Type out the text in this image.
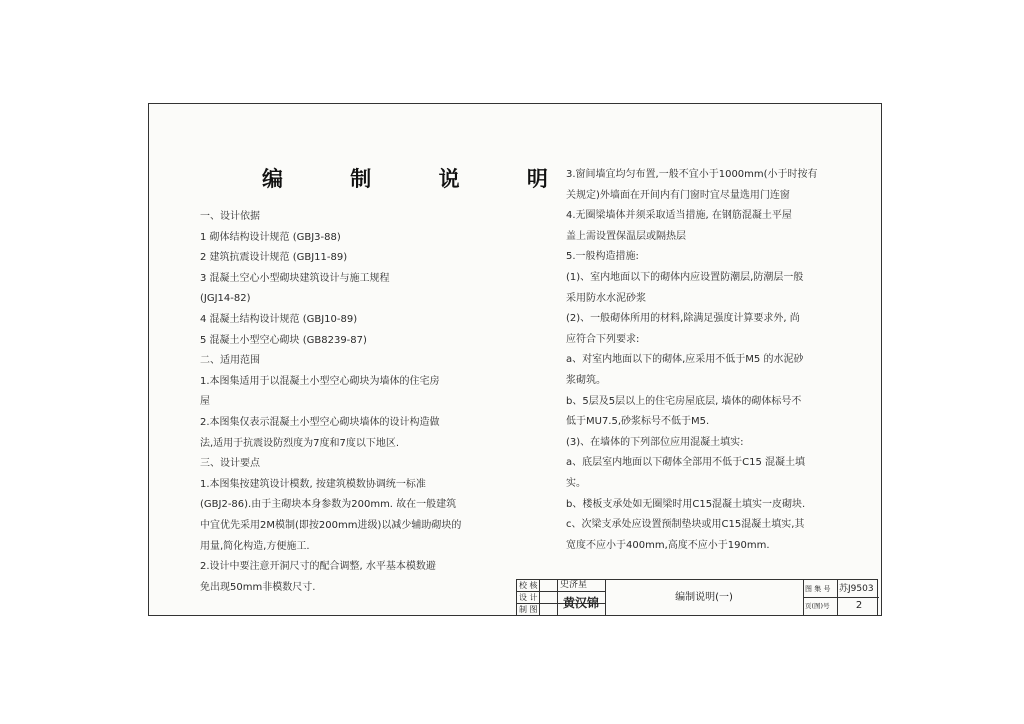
编 制 说 明

一、设计依据

1 砌体结构设计规范 (GBJ3-88)

2 建筑抗震设计规范 (GBJ11-89)

3 混凝土空心小型砌块建筑设计与施工规程

(JGJ14-82)

4 混凝土结构设计规范 (GBJ10-89)

5 混凝土小型空心砌块 (GB8239-87)

二、适用范围

1.本图集适用于以混凝土小型空心砌块为墙体的住宅房

屋

2.本图集仅表示混凝土小型空心砌块墙体的设计构造做

法,适用于抗震设防烈度为7度和7度以下地区.

三、设计要点

1.本图集按建筑设计模数, 按建筑模数协调统一标准

(GBJ2-86).由于主砌块本身参数为200mm. 故在一般建筑

中宜优先采用2M模制(即按200mm进级)以减少辅助砌块的

用量,简化构造,方便施工.

2.设计中要注意开洞尺寸的配合调整, 水平基本模数避

免出现50mm非模数尺寸.

3.窗间墙宜均匀布置,一般不宜小于1000mm(小于时按有

关规定)外墙面在开间内有门窗时宜尽量选用门连窗

4.无圈梁墙体并须采取适当措施, 在钢筋混凝土平屋

盖上需设置保温层或隔热层

5.一般构造措施:

(1)、室内地面以下的砌体内应设置防潮层,防潮层一般

采用防水水泥砂浆

(2)、一般砌体所用的材料,除满足强度计算要求外, 尚

应符合下列要求:

a、对室内地面以下的砌体,应采用不低于M5 的水泥砂

浆砌筑。

b、5层及5层以上的住宅房屋底层, 墙体的砌体标号不

低于MU7.5,砂浆标号不低于M5.

(3)、在墙体的下列部位应用混凝土填实:

a、底层室内地面以下砌体全部用不低于C15 混凝土填

实。

b、楼板支承处如无圈梁时用C15混凝土填实一皮砌块.

c、次梁支承处应设置预制垫块或用C15混凝土填实,其

宽度不应小于400mm,高度不应小于190mm.

校 核	史济星
设 计	黄汉锦
制 图
编制说明(一)
图 集 号 苏J9503
页(图)号	2
